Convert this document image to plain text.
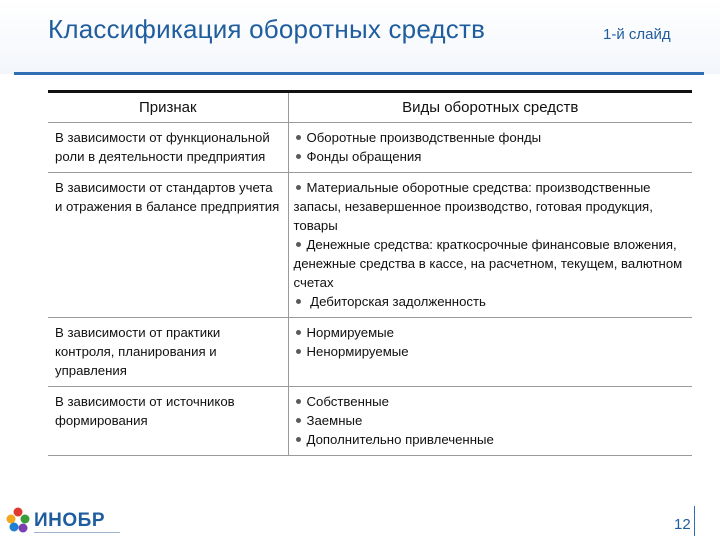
Классификация оборотных средств	1-й слайд
Признак	Виды оборотных средств
В зависимости от функциональной роли в деятельности предприятия	Оборотные производственные фонды
Фонды обращения

В зависимости от стандартов учета и отражения в балансе предприятия	Материальные оборотные средства: производственные запасы, незавершенное производство, готовая продукция, товары
Денежные средства: краткосрочные финансовые вложения, денежные средства в кассе, на расчетном, текущем, валютном счетах
Дебиторская задолженность

В зависимости от практики контроля, планирования и управления	Нормируемые
Ненормируемые

В зависимости от источников формирования	Собственные
Заемные
Дополнительно привлеченные
ИНОБР	12
